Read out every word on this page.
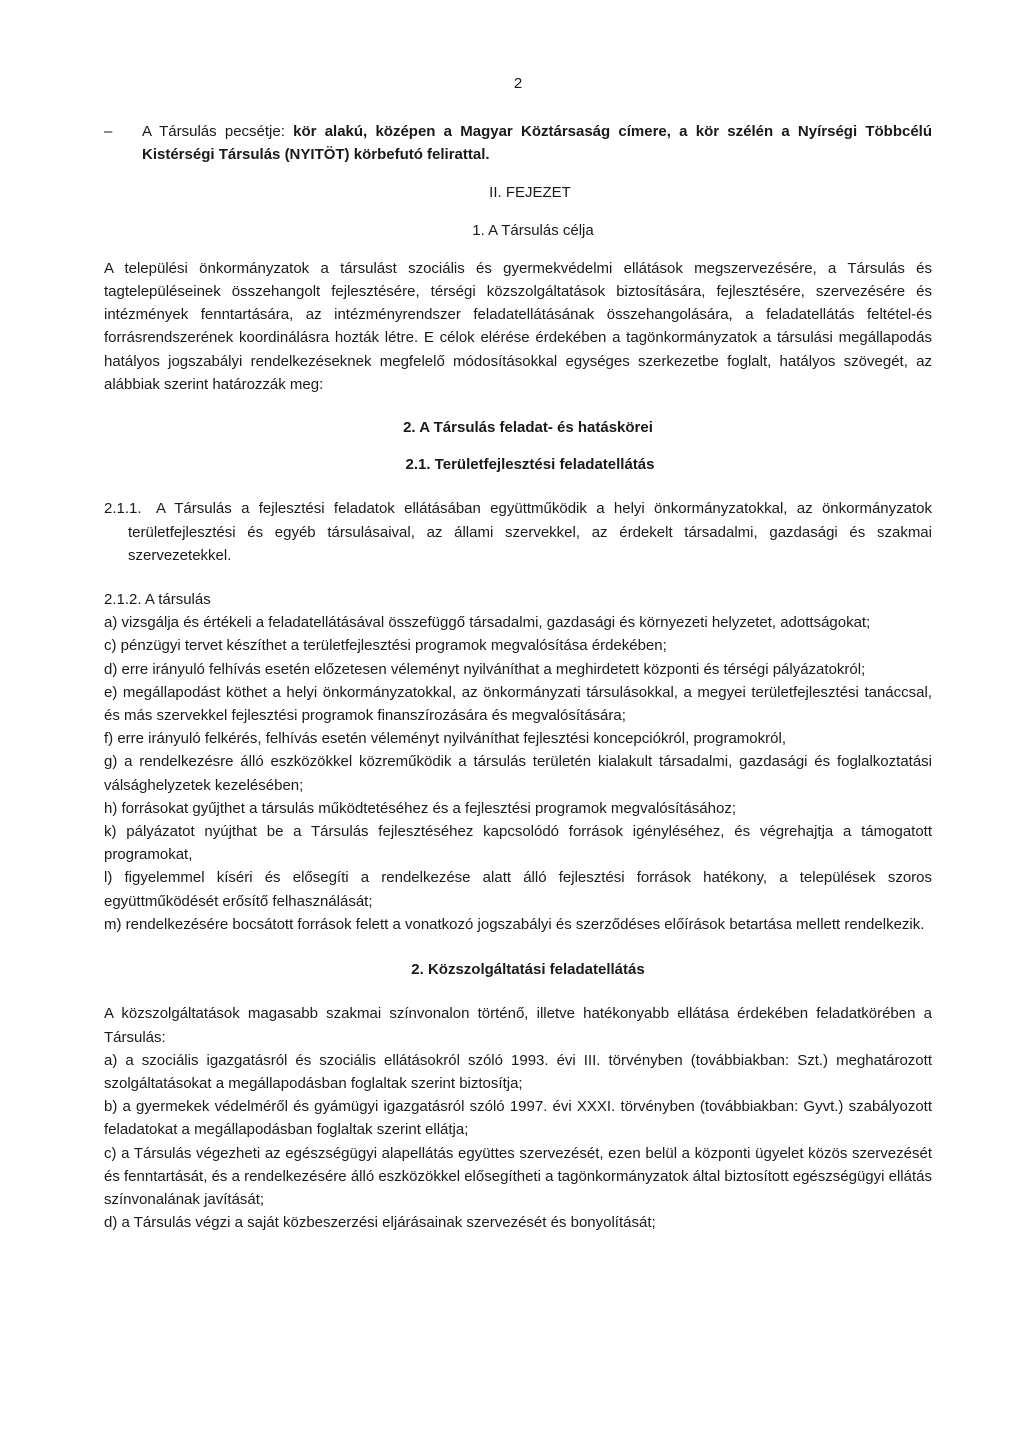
2
– A Társulás pecsétje: kör alakú, középen a Magyar Köztársaság címere, a kör szélén a Nyírségi Többcélú Kistérségi Társulás (NYITÖT) körbefutó felirattal.

II. FEJEZET

1. A Társulás célja

A települési önkormányzatok a társulást szociális és gyermekvédelmi ellátások megszervezésére, a Társulás és tagtelepüléseinek összehangolt fejlesztésére, térségi közszolgáltatások biztosítására, fejlesztésére, szervezésére és intézmények fenntartására, az intézményrendszer feladatellátásának összehangolására, a feladatellátás feltétel-és forrásrendszerének koordinálásra hozták létre. E célok elérése érdekében a tagönkormányzatok a társulási megállapodás hatályos jogszabályi rendelkezéseknek megfelelő módosításokkal egységes szerkezetbe foglalt, hatályos szövegét, az alábbiak szerint határozzák meg:

2. A Társulás feladat- és hatáskörei

2.1. Területfejlesztési feladatellátás

2.1.1. A Társulás a fejlesztési feladatok ellátásában együttműködik a helyi önkormányzatokkal, az önkormányzatok területfejlesztési és egyéb társulásaival, az állami szervekkel, az érdekelt társadalmi, gazdasági és szakmai szervezetekkel.

2.1.2. A társulás

a) vizsgálja és értékeli a feladatellátásával összefüggő társadalmi, gazdasági és környezeti helyzetet, adottságokat;

c) pénzügyi tervet készíthet a területfejlesztési programok megvalósítása érdekében;

d) erre irányuló felhívás esetén előzetesen véleményt nyilváníthat a meghirdetett központi és térségi pályázatokról;

e) megállapodást köthet a helyi önkormányzatokkal, az önkormányzati társulásokkal, a megyei területfejlesztési tanáccsal, és más szervekkel fejlesztési programok finanszírozására és megvalósítására;

f) erre irányuló felkérés, felhívás esetén véleményt nyilváníthat fejlesztési koncepciókról, programokról,

g) a rendelkezésre álló eszközökkel közreműködik a társulás területén kialakult társadalmi, gazdasági és foglalkoztatási válsághelyzetek kezelésében;

h) forrásokat gyűjthet a társulás működtetéséhez és a fejlesztési programok megvalósításához;

k) pályázatot nyújthat be a Társulás fejlesztéséhez kapcsolódó források igényléséhez, és végrehajtja a támogatott programokat,

l) figyelemmel kíséri és elősegíti a rendelkezése alatt álló fejlesztési források hatékony, a települések szoros együttműködését erősítő felhasználását;

m) rendelkezésére bocsátott források felett a vonatkozó jogszabályi és szerződéses előírások betartása mellett rendelkezik.

2. Közszolgáltatási feladatellátás

A közszolgáltatások magasabb szakmai színvonalon történő, illetve hatékonyabb ellátása érdekében feladatkörében a Társulás:

a) a szociális igazgatásról és szociális ellátásokról szóló 1993. évi III. törvényben (továbbiakban: Szt.) meghatározott szolgáltatásokat a megállapodásban foglaltak szerint biztosítja;

b) a gyermekek védelméről és gyámügyi igazgatásról szóló 1997. évi XXXI. törvényben (továbbiakban: Gyvt.) szabályozott feladatokat a megállapodásban foglaltak szerint ellátja;

c) a Társulás végezheti az egészségügyi alapellátás együttes szervezését, ezen belül a központi ügyelet közös szervezését és fenntartását, és a rendelkezésére álló eszközökkel elősegítheti a tagönkormányzatok által biztosított egészségügyi ellátás színvonalának javítását;

d) a Társulás végzi a saját közbeszerzési eljárásainak szervezését és bonyolítását;
